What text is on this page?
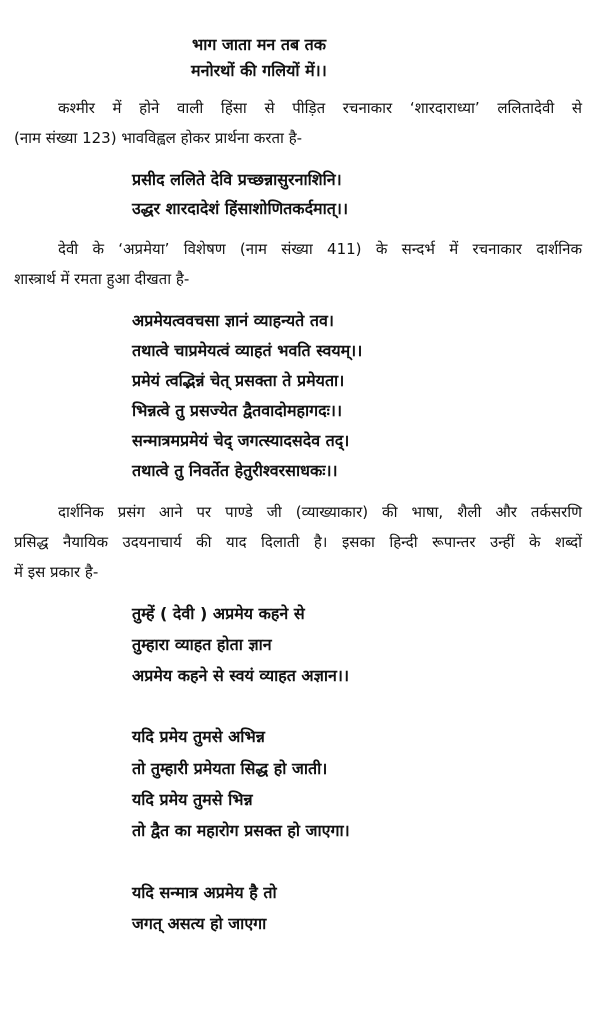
भाग जाता मन तब तक
मनोरथों की गलियों में।।
कश्मीर में होने वाली हिंसा से पीड़ित रचनाकार ‘शारदाराध्या’ ललितादेवी से
(नाम संख्या 123) भावविह्वल होकर प्रार्थना करता है-
प्रसीद ललिते देवि प्रच्छन्नासुरनाशिनि।
उद्धर शारदादेशं हिंसाशोणितकर्दमात्।।
देवी के ‘अप्रमेया’ विशेषण (नाम संख्या 411) के सन्दर्भ में रचनाकार दार्शनिक
शास्त्रार्थ में रमता हुआ दीखता है-
अप्रमेयत्ववचसा ज्ञानं व्याहन्यते तव।
तथात्वे चाप्रमेयत्वं व्याहतं भवति स्वयम्।।
प्रमेयं त्वद्भिन्नं चेत् प्रसक्ता ते प्रमेयता।
भिन्नत्वे तु प्रसज्येत द्वैतवादोमहागदः।।
सन्मात्रमप्रमेयं चेद् जगत्स्यादसदेव तद्।
तथात्वे तु निवर्तेत हेतुरीश्वरसाधकः।।
दार्शनिक प्रसंग आने पर पाण्डे जी (व्याख्याकार) की भाषा, शैली और तर्कसरणि
प्रसिद्ध नैयायिक उदयनाचार्य की याद दिलाती है। इसका हिन्दी रूपान्तर उन्हीं के शब्दों
में इस प्रकार है-
तुम्हें ( देवी ) अप्रमेय कहने से
तुम्हारा व्याहत होता ज्ञान
अप्रमेय कहने से स्वयं व्याहत अज्ञान।।
यदि प्रमेय तुमसे अभिन्न
तो तुम्हारी प्रमेयता सिद्ध हो जाती।
यदि प्रमेय तुमसे भिन्न
तो द्वैत का महारोग प्रसक्त हो जाएगा।
यदि सन्मात्र अप्रमेय है तो
जगत् असत्य हो जाएगा
